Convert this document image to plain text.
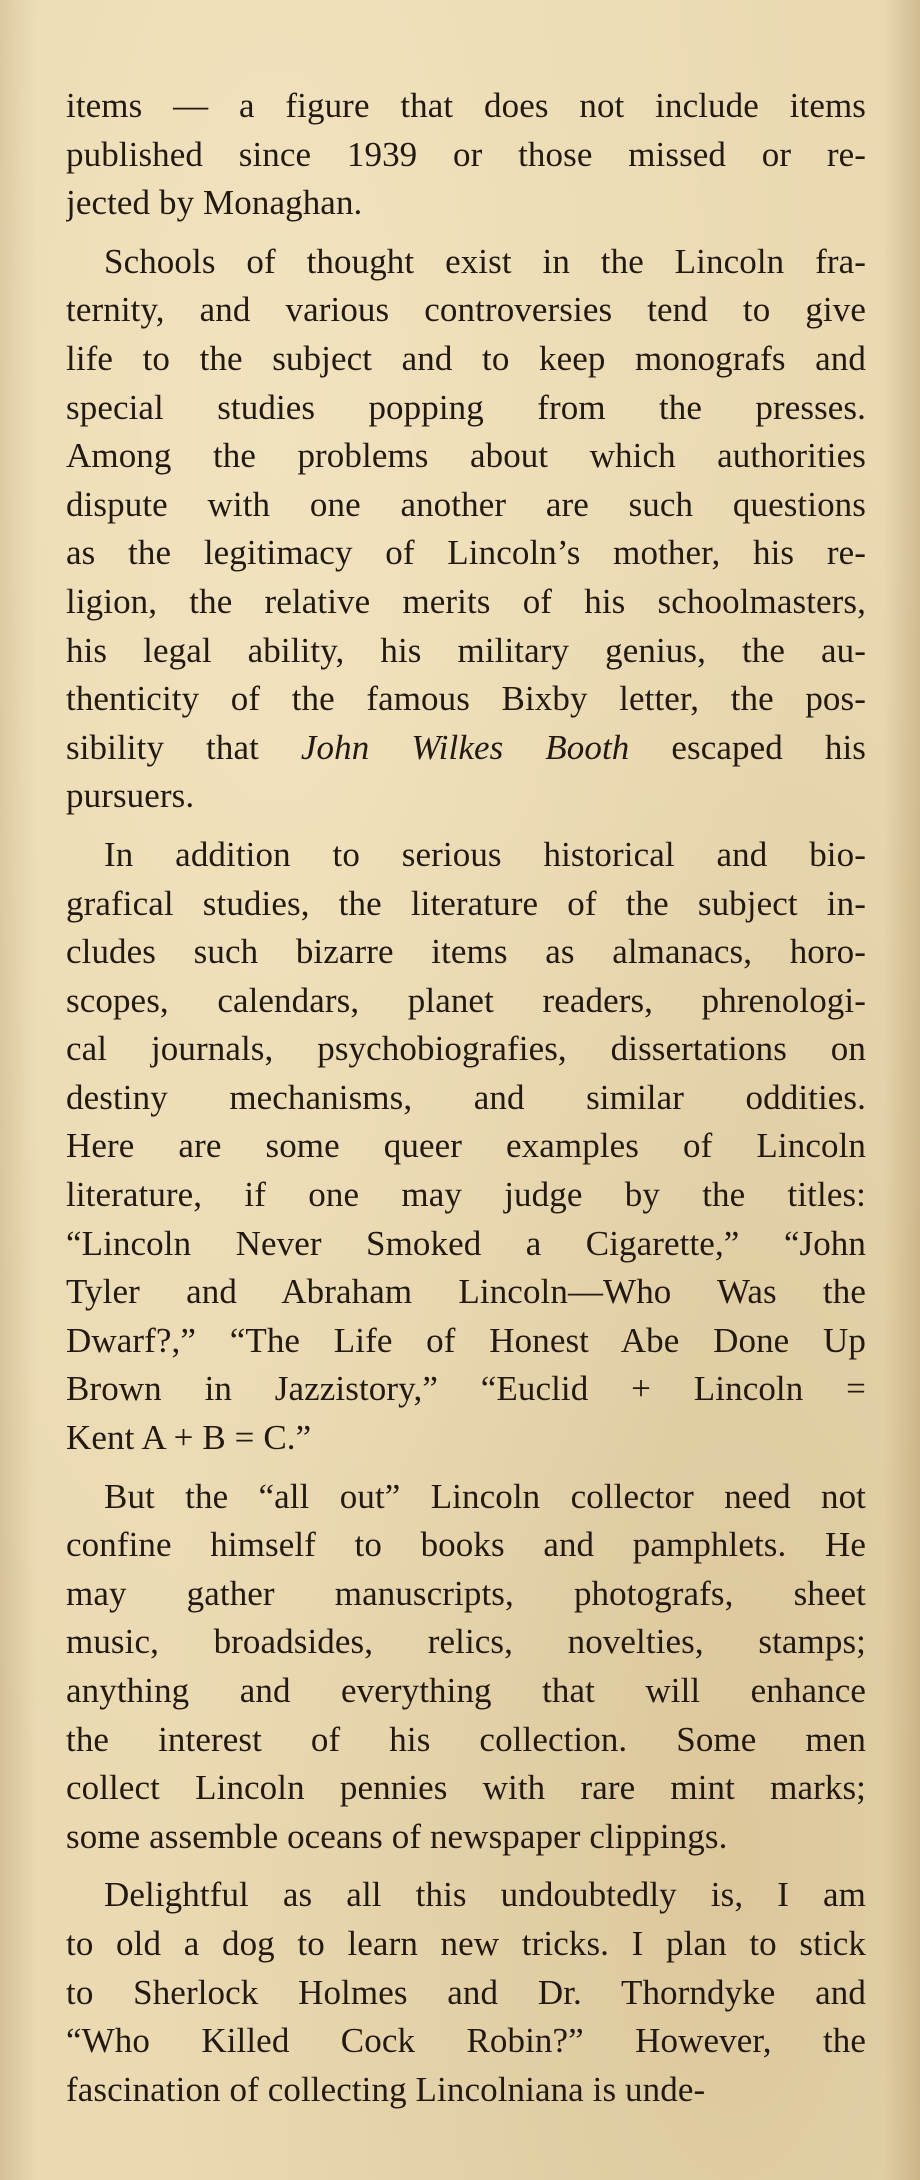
items — a figure that does not include items
published since 1939 or those missed or re-
jected by Monaghan.
Schools of thought exist in the Lincoln fra-
ternity, and various controversies tend to give
life to the subject and to keep monografs and
special studies popping from the presses.
Among the problems about which authorities
dispute with one another are such questions
as the legitimacy of Lincoln’s mother, his re-
ligion, the relative merits of his schoolmasters,
his legal ability, his military genius, the au-
thenticity of the famous Bixby letter, the pos-
sibility that John Wilkes Booth escaped his
pursuers.
In addition to serious historical and bio-
grafical studies, the literature of the subject in-
cludes such bizarre items as almanacs, horo-
scopes, calendars, planet readers, phrenologi-
cal journals, psychobiografies, dissertations on
destiny mechanisms, and similar oddities.
Here are some queer examples of Lincoln
literature, if one may judge by the titles:
“Lincoln Never Smoked a Cigarette,” “John
Tyler and Abraham Lincoln—Who Was the
Dwarf?,” “The Life of Honest Abe Done Up
Brown in Jazzistory,” “Euclid + Lincoln =
Kent A + B = C.”
But the “all out” Lincoln collector need not
confine himself to books and pamphlets. He
may gather manuscripts, photografs, sheet
music, broadsides, relics, novelties, stamps;
anything and everything that will enhance
the interest of his collection. Some men
collect Lincoln pennies with rare mint marks;
some assemble oceans of newspaper clippings.
Delightful as all this undoubtedly is, I am
to old a dog to learn new tricks. I plan to stick
to Sherlock Holmes and Dr. Thorndyke and
“Who Killed Cock Robin?” However, the
fascination of collecting Lincolniana is unde-
